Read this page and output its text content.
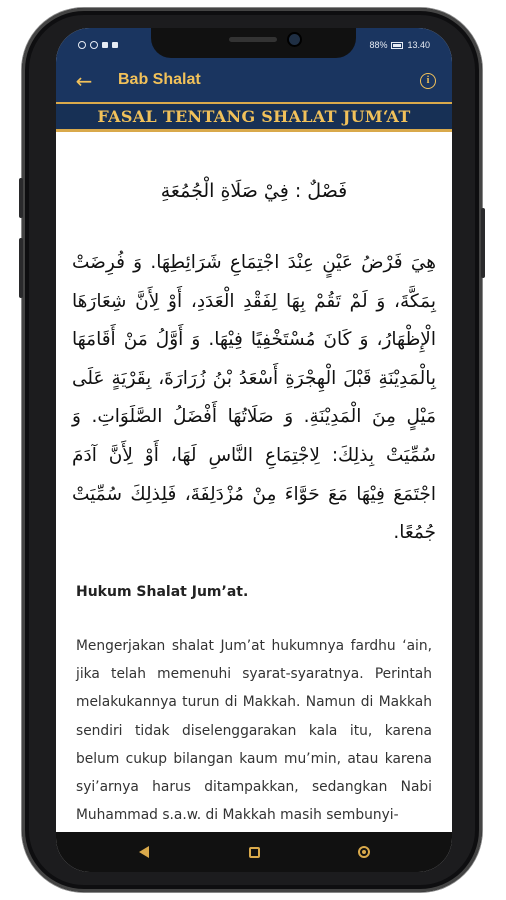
88% 13.40
←	Bab Shalat	i
FASAL TENTANG SHALAT JUM‘AT
فَصْلٌ : فِيْ صَلَاةِ الْجُمُعَةِ
هِيَ فَرْضُ عَيْنٍ عِنْدَ اجْتِمَاعِ شَرَائِطِهَا. وَ فُرِضَتْ بِمَكَّةَ، وَ لَمْ تَقُمْ بِهَا لِفَقْدِ الْعَدَدِ، أَوْ لِأَنَّ شِعَارَهَا الْإِظْهَارُ، وَ كَانَ مُسْتَخْفِيًا فِيْهَا. وَ أَوَّلُ مَنْ أَقَامَهَا بِالْمَدِيْنَةِ قَبْلَ الْهِجْرَةِ أَسْعَدُ بْنُ زُرَارَةَ، بِقَرْيَةٍ عَلَى مَيْلٍ مِنَ الْمَدِيْنَةِ. وَ صَلَاتُهَا أَفْضَلُ الصَّلَوَاتِ. وَ سُمِّيَتْ بِذلِكَ: لِاجْتِمَاعِ النَّاسِ لَهَا، أَوْ لِأَنَّ آدَمَ اجْتَمَعَ فِيْهَا مَعَ حَوَّاءَ مِنْ مُزْدَلِفَةَ، فَلِذلِكَ سُمِّيَتْ جُمُعًا.
Hukum Shalat Jum’at.
Mengerjakan shalat Jum’at hukumnya fardhu ‘ain, jika telah memenuhi syarat-syaratnya. Perintah melakukannya turun di Makkah. Namun di Makkah sendiri tidak diselenggarakan kala itu, karena belum cukup bilangan kaum mu’min, atau karena syi’arnya harus ditampakkan, sedangkan Nabi Muhammad s.a.w. di Makkah masih sembunyi-
